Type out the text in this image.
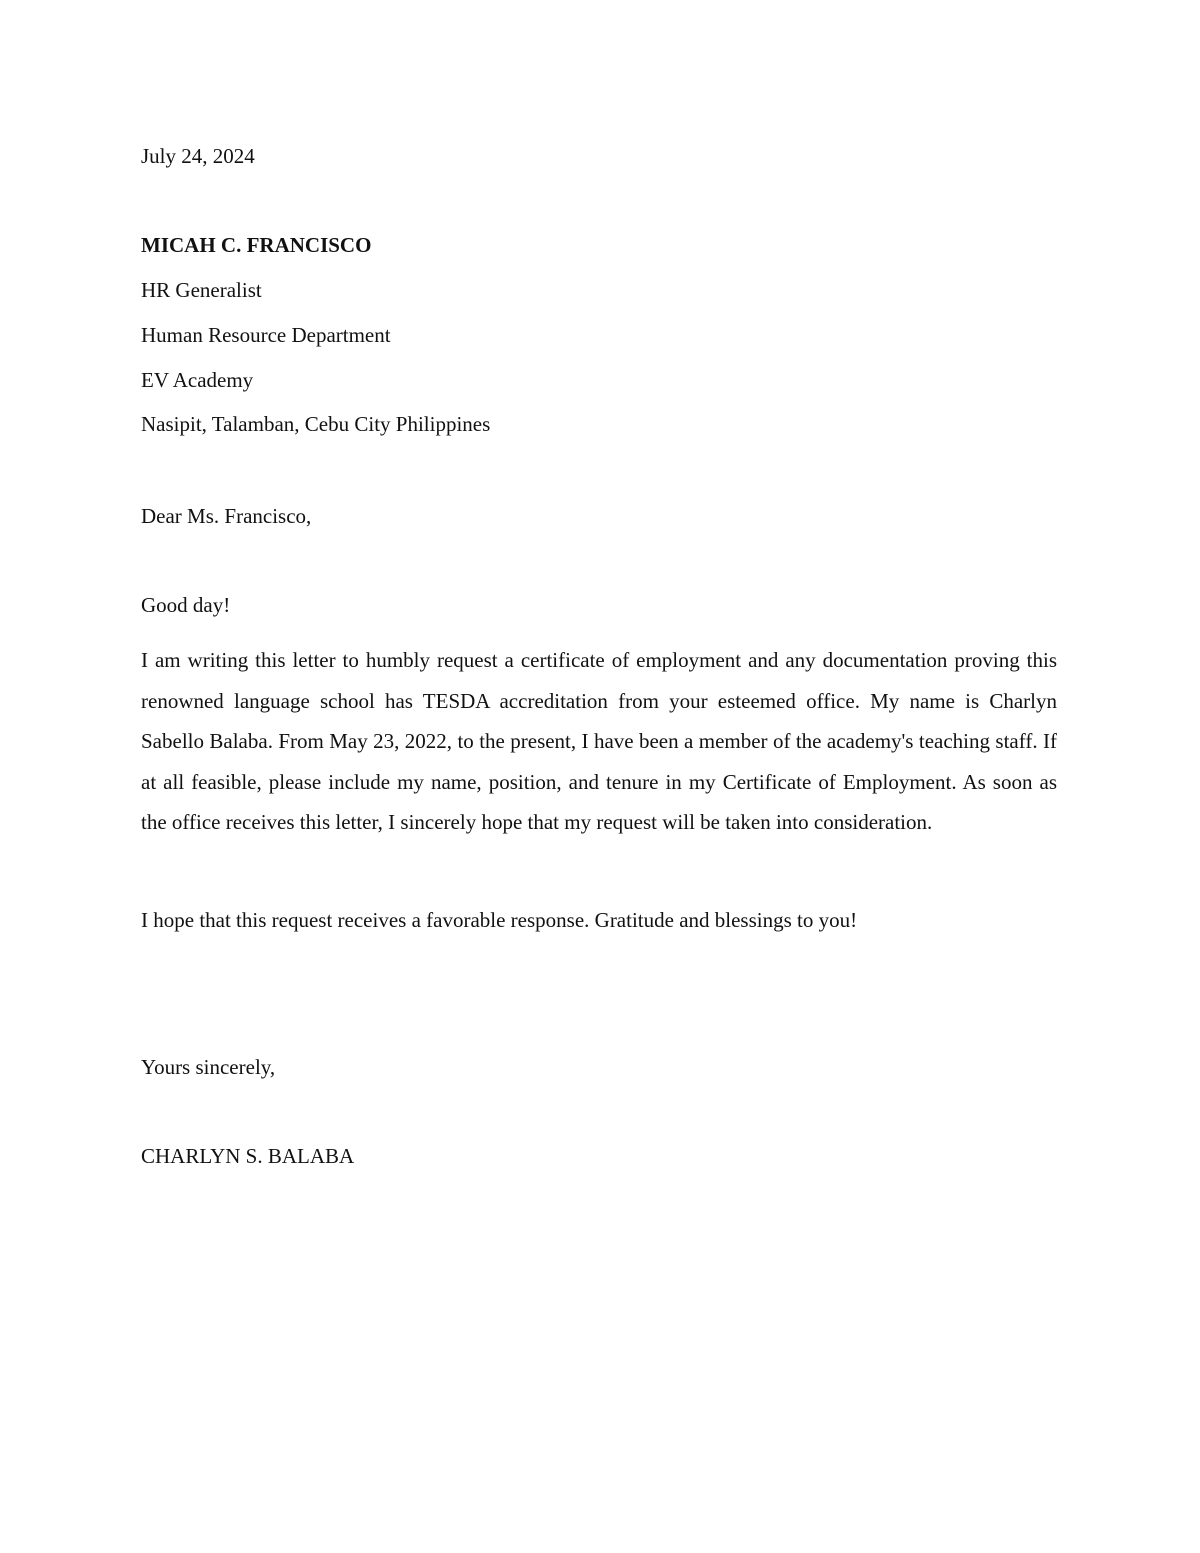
July 24, 2024

MICAH C. FRANCISCO

HR Generalist

Human Resource Department

EV Academy

Nasipit, Talamban, Cebu City Philippines

Dear Ms. Francisco,

Good day!

I am writing this letter to humbly request a certificate of employment and any documentation proving this renowned language school has TESDA accreditation from your esteemed office. My name is Charlyn Sabello Balaba. From May 23, 2022, to the present, I have been a member of the academy's teaching staff. If at all feasible, please include my name, position, and tenure in my Certificate of Employment. As soon as the office receives this letter, I sincerely hope that my request will be taken into consideration.

I hope that this request receives a favorable response. Gratitude and blessings to you!

Yours sincerely,

CHARLYN S. BALABA
